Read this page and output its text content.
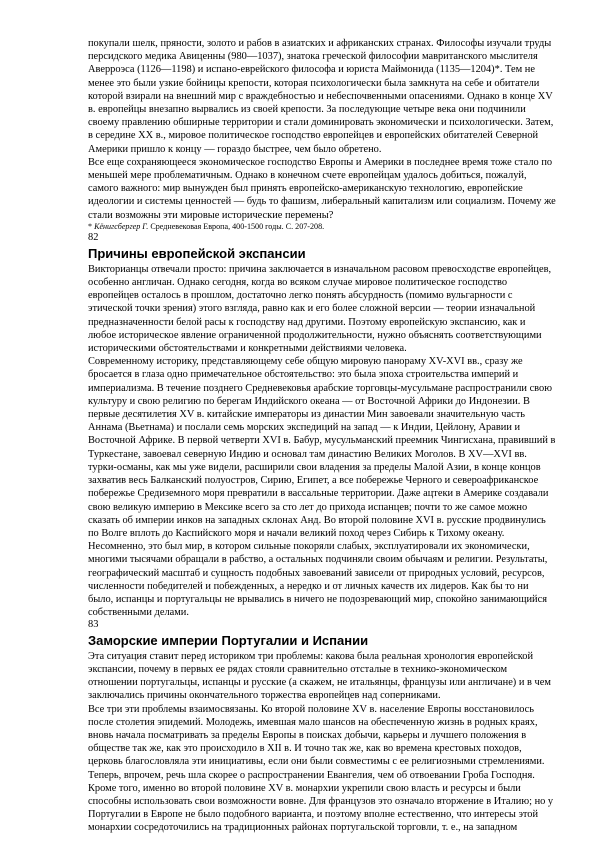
покупали шелк, пряности, золото и рабов в азиатских и африканских странах. Философы изучали труды персидского медика Авиценны (980—1037), знатока греческой философии мавританского мыслителя Аверроэса (1126—1198) и испано-еврейского философа и юриста Маймонида (1135—1204)*. Тем не менее это были узкие бойницы крепости, которая психологически была замкнута на себе и обитатели которой взирали на внешний мир с враждебностью и небеспочвенными опасениями. Однако в конце XV в. европейцы внезапно вырвались из своей крепости. За последующие четыре века они подчинили своему правлению обширные территории и стали доминировать экономически и психологически. Затем, в середине XX в., мировое политическое господство европейцев и европейских обитателей Северной Америки пришло к концу — гораздо быстрее, чем было обретено.

Все еще сохраняющееся экономическое господство Европы и Америки в последнее время тоже стало по меньшей мере проблематичным. Однако в конечном счете европейцам удалось добиться, пожалуй, самого важного: мир вынужден был принять европейско-американскую технологию, европейские идеологии и системы ценностей — будь то фашизм, либеральный капитализм или социализм. Почему же стали возможны эти мировые исторические перемены?

* Кёнигсбергер Г. Средневековая Европа, 400-1500 годы. С. 207-208.

82

Причины европейской экспансии

Викторианцы отвечали просто: причина заключается в изначальном расовом превосходстве европейцев, особенно англичан. Однако сегодня, когда во всяком случае мировое политическое господство европейцев осталось в прошлом, достаточно легко понять абсурдность (помимо вульгарности с этической точки зрения) этого взгляда, равно как и его более сложной версии — теории изначальной предназначенности белой расы к господству над другими. Поэтому европейскую экспансию, как и любое историческое явление ограниченной продолжительности, нужно объяснять соответствующими историческими обстоятельствами и конкретными действиями человека.

Современному историку, представляющему себе общую мировую панораму XV-XVI вв., сразу же бросается в глаза одно примечательное обстоятельство: это была эпоха строительства империй и империализма. В течение позднего Средневековья арабские торговцы-мусульмане распространили свою культуру и свою религию по берегам Индийского океана — от Восточной Африки до Индонезии. В первые десятилетия XV в. китайские императоры из династии Мин завоевали значительную часть Аннама (Вьетнама) и послали семь морских экспедиций на запад — к Индии, Цейлону, Аравии и Восточной Африке. В первой четверти XVI в. Бабур, мусульманский преемник Чингисхана, правивший в Туркестане, завоевал северную Индию и основал там династию Великих Моголов. В XV—XVI вв. турки-османы, как мы уже видели, расширили свои владения за пределы Малой Азии, в конце концов захватив весь Балканский полуостров, Сирию, Египет, а все побережье Черного и североафриканское побережье Средиземного моря превратили в вассальные территории. Даже ацтеки в Америке создавали свою великую империю в Мексике всего за сто лет до прихода испанцев; почти то же самое можно сказать об империи инков на западных склонах Анд. Во второй половине XVI в. русские продвинулись по Волге вплоть до Каспийского моря и начали великий поход через Сибирь к Тихому океану. Несомненно, это был мир, в котором сильные покоряли слабых, эксплуатировали их экономически, многими тысячами обращали в рабство, а остальных подчиняли своим обычаям и религии. Результаты, географический масштаб и сущность подобных завоеваний зависели от природных условий, ресурсов, численности победителей и побежденных, а нередко и от личных качеств их лидеров. Как бы то ни было, испанцы и португальцы не врывались в ничего не подозревающий мир, спокойно занимающийся собственными делами.

83

Заморские империи Португалии и Испании

Эта ситуация ставит перед историком три проблемы: какова была реальная хронология европейской экспансии, почему в первых ее рядах стояли сравнительно отсталые в технико-экономическом отношении португальцы, испанцы и русские (а скажем, не итальянцы, французы или англичане) и в чем заключались причины окончательного торжества европейцев над соперниками.

Все три эти проблемы взаимосвязаны. Ко второй половине XV в. население Европы восстановилось после столетия эпидемий. Молодежь, имевшая мало шансов на обеспеченную жизнь в родных краях, вновь начала посматривать за пределы Европы в поисках добычи, карьеры и лучшего положения в обществе так же, как это происходило в XII в. И точно так же, как во времена крестовых походов, церковь благословляла эти инициативы, если они были совместимы с ее религиозными стремлениями. Теперь, впрочем, речь шла скорее о распространении Евангелия, чем об отвоевании Гроба Господня. Кроме того, именно во второй половине XV в. монархии укрепили свою власть и ресурсы и были способны использовать свои возможности вовне. Для французов это означало вторжение в Италию; но у Португалии в Европе не было подобного варианта, и поэтому вполне естественно, что интересы этой монархии сосредоточились на традиционных районах португальской торговли, т. е., на западном
